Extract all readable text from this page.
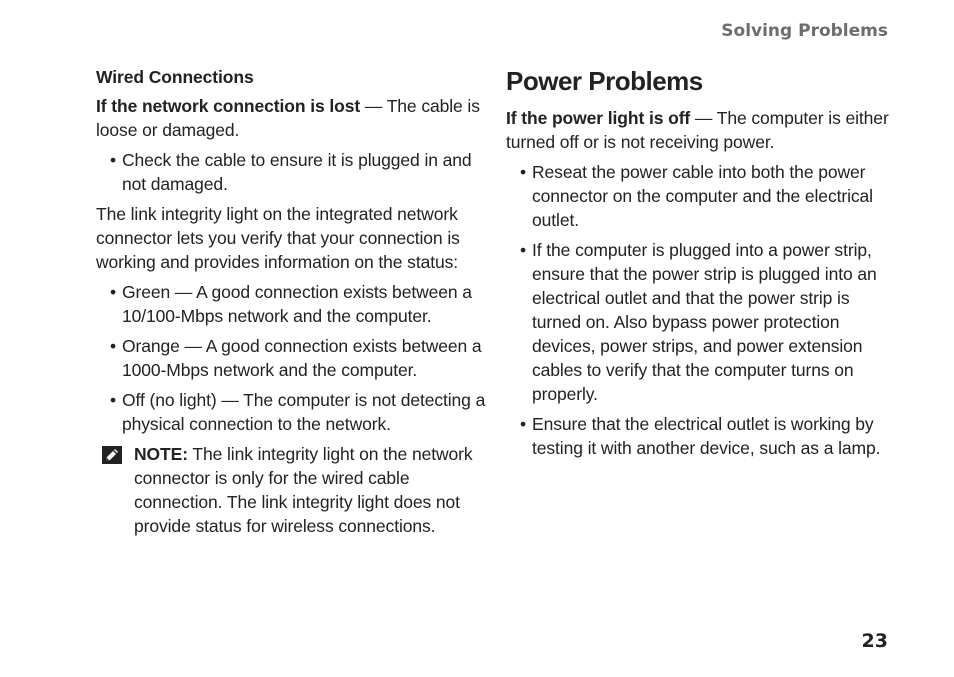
Solving Problems
Wired Connections

If the network connection is lost — The cable is loose or damaged.

• Check the cable to ensure it is plugged in and not damaged.

The link integrity light on the integrated network connector lets you verify that your connection is working and provides information on the status:

• Green — A good connection exists between a 10/100-Mbps network and the computer.
• Orange — A good connection exists between a 1000-Mbps network and the computer.
• Off (no light) — The computer is not detecting a physical connection to the network.
NOTE: The link integrity light on the network connector is only for the wired cable connection. The link integrity light does not provide status for wireless connections.
Power Problems

If the power light is off — The computer is either turned off or is not receiving power.

• Reseat the power cable into both the power connector on the computer and the electrical outlet.
• If the computer is plugged into a power strip, ensure that the power strip is plugged into an electrical outlet and that the power strip is turned on. Also bypass power protection devices, power strips, and power extension cables to verify that the computer turns on properly.
• Ensure that the electrical outlet is working by testing it with another device, such as a lamp.
23
